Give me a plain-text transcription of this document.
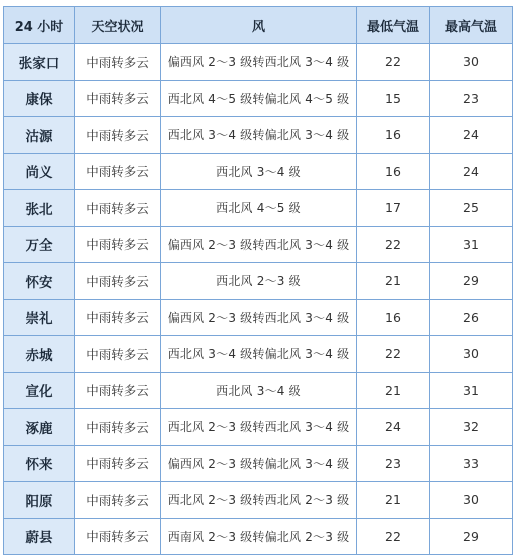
24 小时	天空状况	风	最低气温	最高气温
张家口	中雨转多云	偏西风 2～3 级转西北风 3～4 级	22	30
康保	中雨转多云	西北风 4～5 级转偏北风 4～5 级	15	23
沽源	中雨转多云	西北风 3～4 级转偏北风 3～4 级	16	24
尚义	中雨转多云	西北风 3～4 级	16	24
张北	中雨转多云	西北风 4～5 级	17	25
万全	中雨转多云	偏西风 2～3 级转西北风 3～4 级	22	31
怀安	中雨转多云	西北风 2～3 级	21	29
崇礼	中雨转多云	偏西风 2～3 级转西北风 3～4 级	16	26
赤城	中雨转多云	西北风 3～4 级转偏北风 3～4 级	22	30
宣化	中雨转多云	西北风 3～4 级	21	31
涿鹿	中雨转多云	西北风 2～3 级转西北风 3～4 级	24	32
怀来	中雨转多云	偏西风 2～3 级转偏北风 3～4 级	23	33
阳原	中雨转多云	西北风 2～3 级转西北风 2～3 级	21	30
蔚县	中雨转多云	西南风 2～3 级转偏北风 2～3 级	22	29
